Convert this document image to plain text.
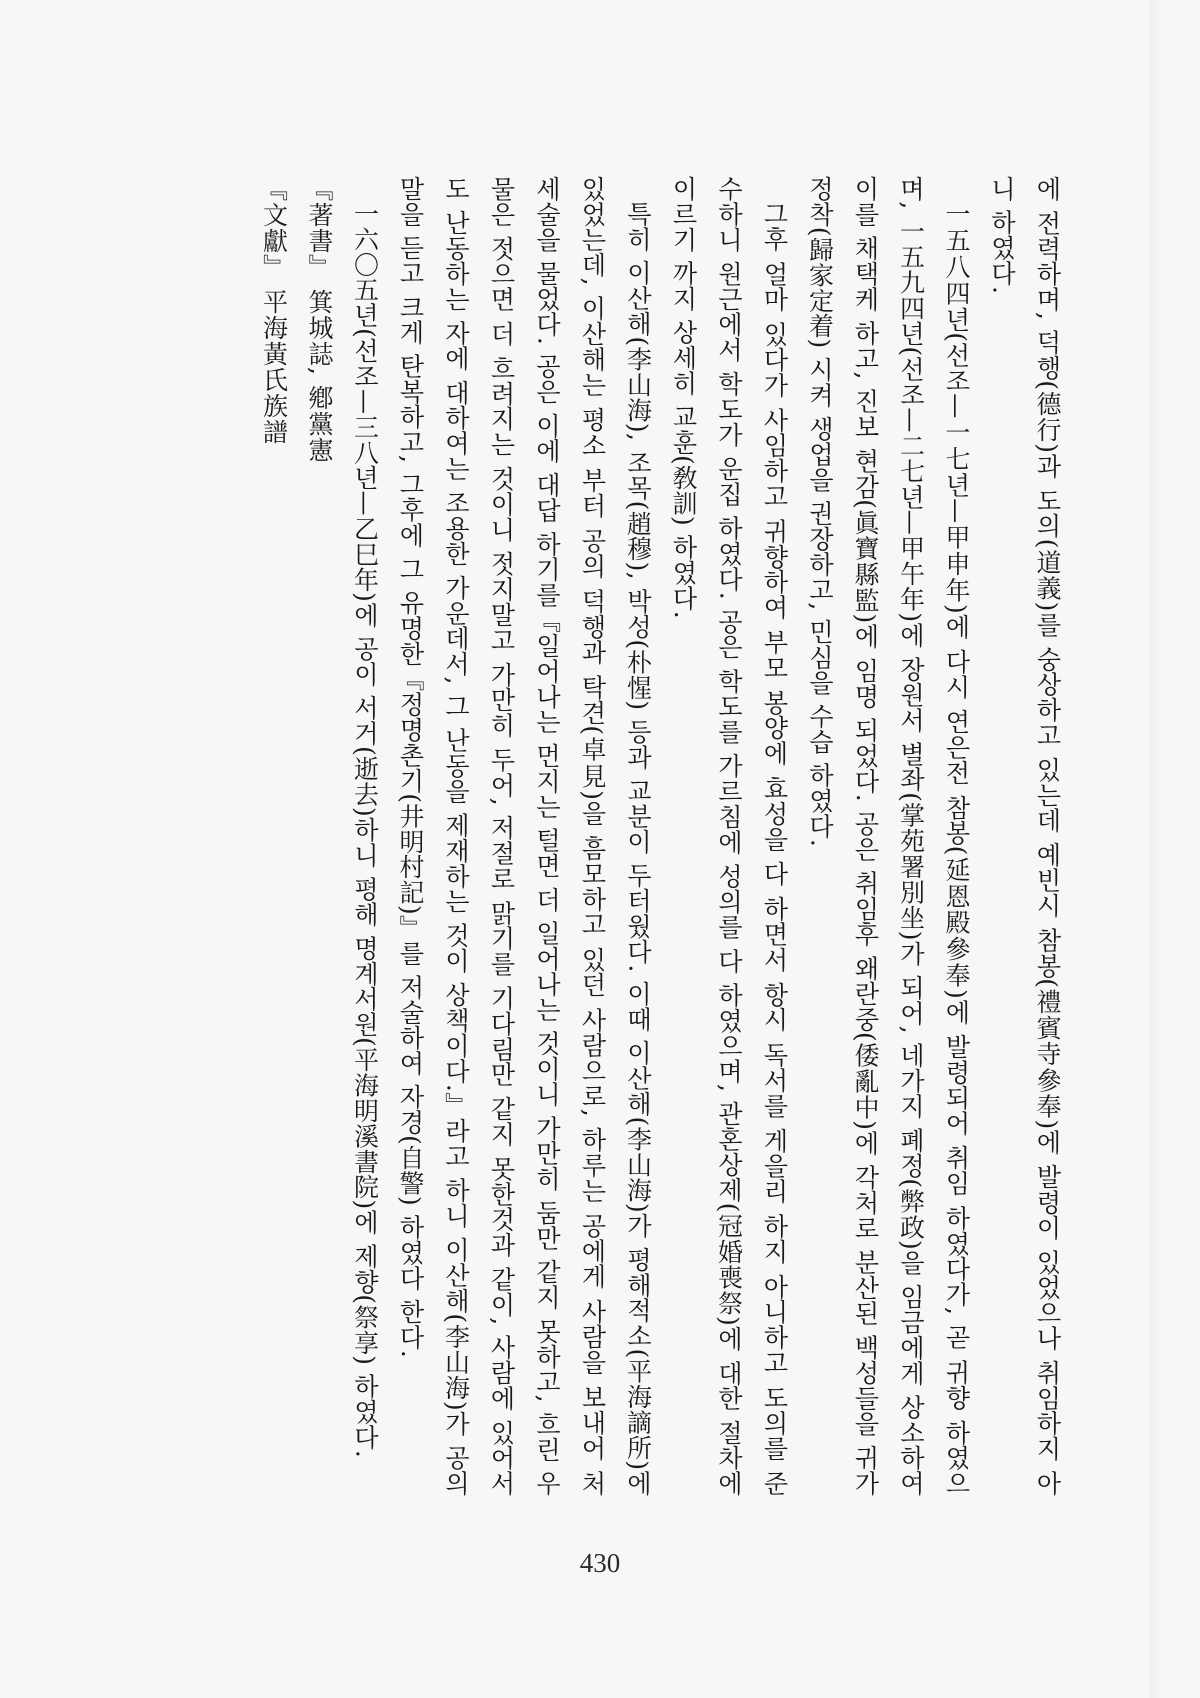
에 전력하며, 덕행(德行)과 도의(道義)를 숭상하고 있는데 예빈시 참봉(禮賓寺參奉)에 발령이 있었으나 취임하지 아니 하였다.

一五八四년(선조—一七년—甲申年)에 다시 연은전 참봉(延恩殿參奉)에 발령되어 취임 하였다가, 곧 귀향 하였으며, 一五九四년(선조—二七년—甲午年)에 장원서 별좌(掌苑署別坐)가 되어, 네가지 폐정(弊政)을 임금에게 상소하여 이를 채택케 하고, 진보 현감(眞寶縣監)에 임명 되었다. 공은 취임후 왜란중(倭亂中)에 각처로 분산된 백성들을 귀가정착(歸家定着) 시켜 생업을 권장하고, 민심을 수습 하였다.

그후 얼마 있다가 사임하고 귀향하여 부모 봉양에 효성을 다 하면서 항시 독서를 게을리 하지 아니하고 도의를 준수하니 원근에서 학도가 운집 하였다. 공은 학도를 가르침에 성의를 다 하였으며, 관혼상제(冠婚喪祭)에 대한 절차에 이르기 까지 상세히 교훈(敎訓) 하였다.

특히 이산해(李山海), 조목(趙穆), 박성(朴惺) 등과 교분이 두터웠다. 이때 이산해(李山海)가 평해적소(平海謫所)에 있었는데, 이산해는 평소 부터 공의 덕행과 탁견(卓見)을 흠모하고 있던 사람으로, 하루는 공에게 사람을 보내어 처세술을 물었다. 공은 이에 대답 하기를『일어나는 먼지는 털면 더 일어나는 것이니 가만히 둠만 같지 못하고, 흐린 우물은 젓으면 더 흐려지는 것이니 젓지말고 가만히 두어, 저절로 맑기를 기다림만 같지 못한것과 같이, 사람에 있어서도 난동하는 자에 대하여는 조용한 가운데서, 그 난동을 제재하는 것이 상책이다.』라고 하니 이산해(李山海)가 공의 말을 듣고 크게 탄복하고, 그후에 그 유명한『정명촌기(井明村記)』를 저술하여 자경(自警) 하였다 한다.

一六〇五년(선조—三八년—乙巳年)에 공이 서거(逝去)하니 평해 명계서원(平海明溪書院)에 제향(祭享) 하였다.

『著書』 箕城誌, 鄕黨憲

『文獻』 平海黃氏族譜

430
